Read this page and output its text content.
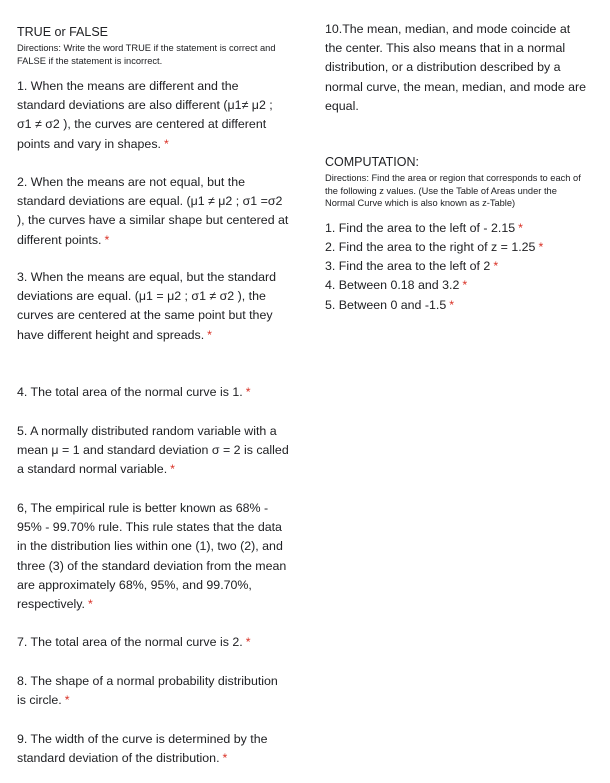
TRUE or FALSE
Directions: Write the word TRUE if the statement is correct and FALSE if the statement is incorrect.
1. When the means are different and the standard deviations are also different (μ1≠ μ2 ; σ1 ≠ σ2 ), the curves are centered at different points and vary in shapes. *
2. When the means are not equal, but the standard deviations are equal. (μ1 ≠ μ2 ; σ1 =σ2 ), the curves have a similar shape but centered at different points. *
3. When the means are equal, but the standard deviations are equal. (μ1 = μ2 ; σ1 ≠ σ2 ), the curves are centered at the same point but they have different height and spreads. *
4. The total area of the normal curve is 1. *
5. A normally distributed random variable with a mean μ = 1 and standard deviation σ = 2 is called a standard normal variable. *
6, The empirical rule is better known as 68% - 95% - 99.70% rule. This rule states that the data in the distribution lies within one (1), two (2), and three (3) of the standard deviation from the mean are approximately 68%, 95%, and 99.70%, respectively. *
7. The total area of the normal curve is 2. *
8. The shape of a normal probability distribution is circle. *
9. The width of the curve is determined by the standard deviation of the distribution. *
10.The mean, median, and mode coincide at the center. This also means that in a normal distribution, or a distribution described by a normal curve, the mean, median, and mode are equal.
COMPUTATION:
Directions: Find the area or region that corresponds to each of the following z values. (Use the Table of Areas under the Normal Curve which is also known as z-Table)
1. Find the area to the left of - 2.15 *
2. Find the area to the right of z = 1.25 *
3. Find the area to the left of 2 *
4. Between 0.18 and 3.2 *
5. Between 0 and -1.5 *
